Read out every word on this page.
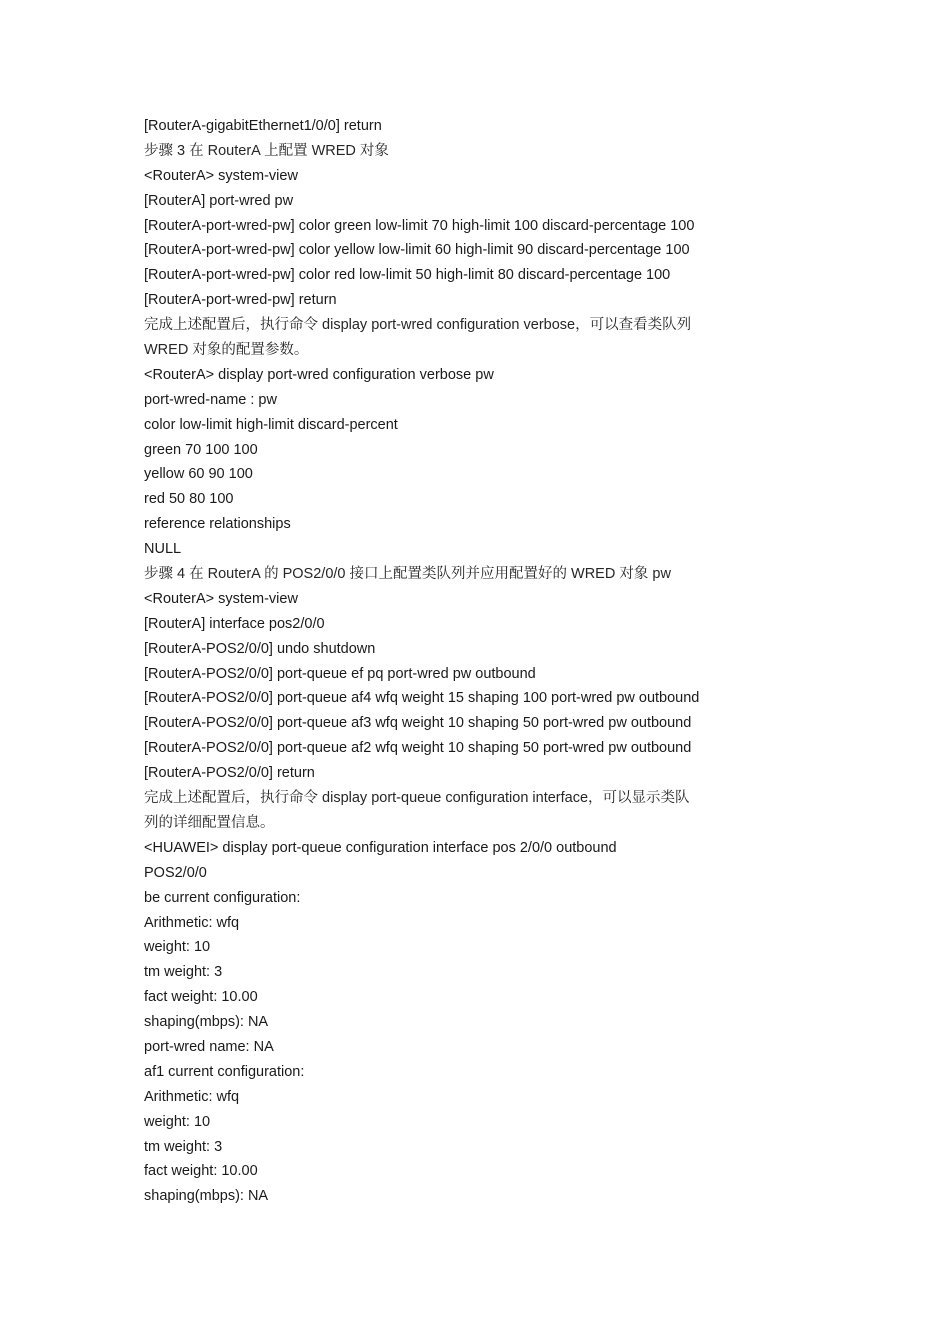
[RouterA-gigabitEthernet1/0/0] return
步骤 3 在 RouterA 上配置 WRED 对象
<RouterA> system-view
[RouterA] port-wred pw
[RouterA-port-wred-pw] color green low-limit 70 high-limit 100 discard-percentage 100
[RouterA-port-wred-pw] color yellow low-limit 60 high-limit 90 discard-percentage 100
[RouterA-port-wred-pw] color red low-limit 50 high-limit 80 discard-percentage 100
[RouterA-port-wred-pw] return
完成上述配置后，执行命令 display port-wred configuration verbose，可以查看类队列
WRED 对象的配置参数。
<RouterA> display port-wred configuration verbose pw
port-wred-name : pw
color low-limit high-limit discard-percent
green 70 100 100
yellow 60 90 100
red 50 80 100
reference relationships
NULL
步骤 4 在 RouterA 的 POS2/0/0 接口上配置类队列并应用配置好的 WRED 对象 pw
<RouterA> system-view
[RouterA] interface pos2/0/0
[RouterA-POS2/0/0] undo shutdown
[RouterA-POS2/0/0] port-queue ef pq port-wred pw outbound
[RouterA-POS2/0/0] port-queue af4 wfq weight 15 shaping 100 port-wred pw outbound
[RouterA-POS2/0/0] port-queue af3 wfq weight 10 shaping 50 port-wred pw outbound
[RouterA-POS2/0/0] port-queue af2 wfq weight 10 shaping 50 port-wred pw outbound
[RouterA-POS2/0/0] return
完成上述配置后，执行命令 display port-queue configuration interface，可以显示类队
列的详细配置信息。
<HUAWEI> display port-queue configuration interface pos 2/0/0 outbound
POS2/0/0
be current configuration:
Arithmetic: wfq
weight: 10
tm weight: 3
fact weight: 10.00
shaping(mbps): NA
port-wred name: NA
af1 current configuration:
Arithmetic: wfq
weight: 10
tm weight: 3
fact weight: 10.00
shaping(mbps): NA
